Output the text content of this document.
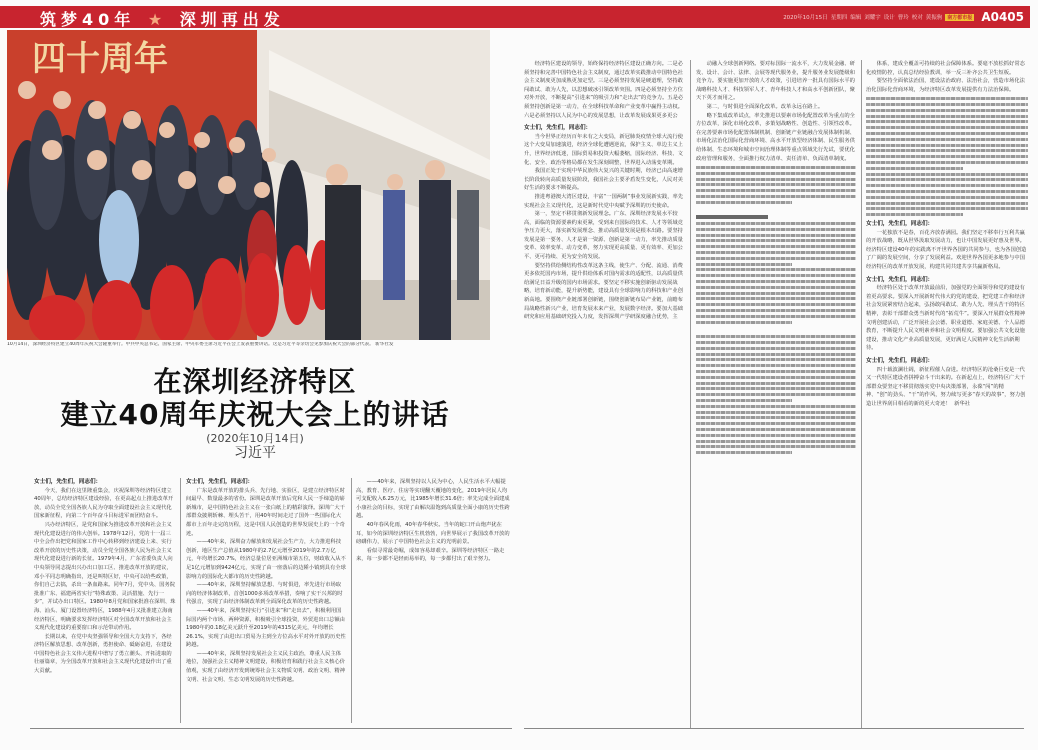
筑梦40年 ★ 深圳再出发	2020年10月15日 星期四 编辑 刘耀宇 设计 曹玲 校对 黄振驹	南方都市报 A0405
四十周年
10月14日，深圳经济特区建立40周年庆祝大会隆重举行。中共中央总书记、国家主席、中央军委主席习近平在会上发表重要讲话。这是习近平等亲切会见参加庆祝大会的部分代表。 新华社发
在深圳经济特区
建立40周年庆祝大会上的讲话
(2020年10月14日)
习近平

女士们，先生们，同志们：

今天，我们在这里隆重集会，庆祝深圳等经济特区建立40周年，总结经济特区建设经验，在更高起点上推进改革开放，动员全党全国各族人民为夺取全面建设社会主义现代化国家新征程，向第二个百年奋斗目标进军而团结奋斗。

兴办经济特区，是党和国家为推进改革开放和社会主义现代化建设进行的伟大创举。1978年12月，党的十一届三中全会作出把党和国家工作中心转移到经济建设上来、实行改革开放的历史性决策，动员全党全国各族人民为社会主义现代化建设进行新的长征。1979年4月，广东省委负责人向中央领导同志提出兴办出口加工区、推进改革开放的建议，邓小平同志明确指出，还是叫特区好，中央可以给些政策，你们自己去搞，杀出一条血路来。同年7月，党中央、国务院批准广东、福建两省实行“特殊政策、灵活措施、先行一步”，并试办出口特区。1980年8月党和国家批准在深圳、珠海、汕头、厦门设置经济特区，1988年4月又批准建立海南经济特区，明确要求发挥经济特区对全国改革开放和社会主义现代化建设的重要窗口和示范带动作用。

长期以来，在党中央坚强领导和全国大力支持下，各经济特区解放思想、改革创新，勇担使命、砥砺奋进，在建设中国特色社会主义伟大进程中谱写了勇立潮头、开拓进取的壮丽篇章，为全国改革开放和社会主义现代化建设作出了重大贡献。

女士们，先生们，同志们：

广东是改革开放的排头兵、先行地、实验区，是建立经济特区时间最早、数量最多的省份。深圳是改革开放后党和人民一手缔造的崭新城市，是中国特色社会主义在一张白纸上的精彩演绎。深圳广大干部群众披荆斩棘、埋头苦干，用40年时间走过了国外一些国际化大都市上百年走完的历程，这是中国人民创造的世界发展史上的一个奇迹。

——40年来，深圳奋力解放和发展社会生产力，大力推进科技创新，地区生产总值从1980年的2.7亿元增至2019年的2.7万亿元，年均增长20.7%，经济总量位居亚洲城市第五位，财政收入从不足1亿元增加到9424亿元，实现了由一座落后的边陲小镇到具有全球影响力的国际化大都市的历史性跨越。

——40年来，深圳坚持解放思想、与时俱进，率先进行市场取向的经济体制改革，首创1000多项改革举措，奏响了实干兴邦的时代强音，实现了由经济体制改革到全面深化改革的历史性跨越。

——40年来，深圳坚持实行“引进来”和“走出去”，积极利用国际国内两个市场、两种资源，积极吸引全球投资，外贸进出口总额由1980年的0.18亿美元跃升至2019年的4315亿美元，年均增长26.1%，实现了由进出口贸易为主到全方位高水平对外开放的历史性跨越。

——40年来，深圳坚持发展社会主义民主政治，尊重人民主体地位，加强社会主义精神文明建设，积极培育和践行社会主义核心价值观，实现了由经济开发到统筹社会主义物质文明、政治文明、精神文明、社会文明、生态文明发展的历史性跨越。

——40年来，深圳坚持以人民为中心，人民生活水平大幅提高，教育、医疗、住房等实现翻天覆地的变化，2019年居民人均可支配收入6.25万元，比1985年增长31.6倍；率先完成全面建成小康社会的目标，实现了由解决温饱到高质量全面小康的历史性跨越。

40年春风化雨，40年春华秋实。当年的蛇口开山炮声犹在耳，如今的深圳经济特区生机勃勃，向世界展示了我国改革开放的磅礴伟力，展示了中国特色社会主义的光明前景。

看似寻常最奇崛，成如容易却艰辛。深圳等经济特区一路走来，每一步都不是轻而易举的，每一步都付出了艰辛努力。

经济特区建设的领导，始终保持经济特区建设正确方向。二是必须坚持和完善中国特色社会主义制度，通过改革实践推动中国特色社会主义制度更加成熟更加定型。三是必须坚持发展是硬道理，坚持敢闯敢试、敢为人先，以思想破冰引领改革突围。四是必须坚持全方位对外开放，不断提高“引进来”的吸引力和“走出去”的竞争力。五是必须坚持创新是第一动力，在全球科技革命和产业变革中赢得主动权。六是必须坚持以人民为中心的发展思想，让改革发展成果更多更公

女士们，先生们，同志们：

当今世界正经历百年未有之大变局，新冠肺炎疫情全球大流行使这个大变局加速演进，经济全球化遭遇逆流，保护主义、单边主义上升，世界经济低迷，国际贸易和投资大幅萎缩，国际经济、科技、文化、安全、政治等格局都在发生深刻调整，世界进入动荡变革期。

我国正处于实现中华民族伟大复兴的关键时期，经济已由高速增长阶段转向高质量发展阶段，我国社会主要矛盾发生变化，人民对美好生活的要求不断提高。

推进粤港澳大湾区建设，丰富“一国两制”事业发展新实践，率先实现社会主义现代化，这是新时代党中央赋予深圳的历史使命。

第一，坚定不移贯彻新发展理念。广东、深圳经济发展水平较高，面临的资源要素约束更紧，受到来自国际的技术、人才等领域竞争压力更大，落实新发展理念、推动高质量发展是根本出路。要坚持发展是第一要务、人才是第一资源、创新是第一动力，率先推动质量变革、效率变革、动力变革，努力实现更高质量、更有效率、更加公平、更可持续、更为安全的发展。

要坚持供给侧结构性改革这条主线，使生产、分配、流通、消费更多依托国内市场，提升供给体系对国内需求的适配性，以高质量供给满足日益升级的国内市场需求。要坚定不移实施创新驱动发展战略，培育新动能，提升新势能，建设具有全球影响力的科技和产业创新高地。要围绕产业链部署创新链，围绕创新链布局产业链，前瞻布局战略性新兴产业，培育发展未来产业，发展数字经济。要加大基础研究和应用基础研究投入力度，发挥深圳产学研深度融合优势，主

动融入全球创新网络。要对标国际一流水平，大力发展金融、研发、设计、会计、法律、会展等现代服务业，提升服务业发展能级和竞争力。要实施更加开放的人才政策，引进培养一批具有国际水平的战略科技人才、科技领军人才、青年科技人才和高水平创新团队，聚天下英才而用之。

第二，与时俱进全面深化改革。改革永远在路上。

略下集成改革试点，率先推进以要素市场化配置改革为重点的全方位改革，深化市场化改革，多策划战略性、创造性、引领性改革。在完善要素市场化配置体制机制、创新链产业链融合发展体制机制、市场化法治化国际化营商环境、高水平开放型经济体制、民生服务供给体制、生态环境和城市空间治理体制等重点领域先行先试，要优化政府管理和服务，全面推行权力清单、责任清单、负面清单制度。

体系，建成全覆盖可持续的社会保障体系。要毫不放松抓好常态化疫情防控，认真总结经验教训，举一反三补齐公共卫生短板。

要坚持全面依法治国，建设法治政府、法治社会，营造市场化法治化国际化营商环境，为经济特区改革发展提供有力法治保障。

女士们，先生们，同志们：

一花独放不是春，百花齐放春满园。我们坚定不移奉行互利共赢的开放战略，既从世界汲取发展动力，也让中国发展更好惠及世界。经济特区建设40年的实践离不开世界各国的共同参与，也为各国创造了广阔的发展空间，分享了发展利益。欢迎世界各国更多地参与中国经济特区的改革开放发展，构建共同共建共享共赢新格局。

女士们，先生们，同志们：

经济特区处于改革开放最前沿，加强党的全面领导和党的建设有着更高要求。要深入开展新时代伟大的党的建设，把党建工作和经济社会发展紧密结合起来，弘扬敢闯敢试、敢为人先、埋头苦干的特区精神，表彰干部群众勇当新时代的“拓荒牛”。要深入开展群众性精神文明创建活动，广泛开展社会公德、职业道德、家庭美德、个人品德教育，不断提升人民文明素养和社会文明程度。要加强公共文化设施建设，推动文化产业高质量发展，更好满足人民精神文化生活新期待。

女士们，先生们，同志们：

四十载波澜壮阔，新征程催人奋进。经济特区的沧桑巨变是一代又一代特区建设者拼搏奋斗干出来的。在新起点上，经济特区广大干部群众要坚定不移贯彻落实党中央决策部署，永葆“闯”的精神、“创”的劲头、“干”的作风，努力续写更多“春天的故事”，努力创造让世界刮目相看的新的更大奇迹！ 新华社
